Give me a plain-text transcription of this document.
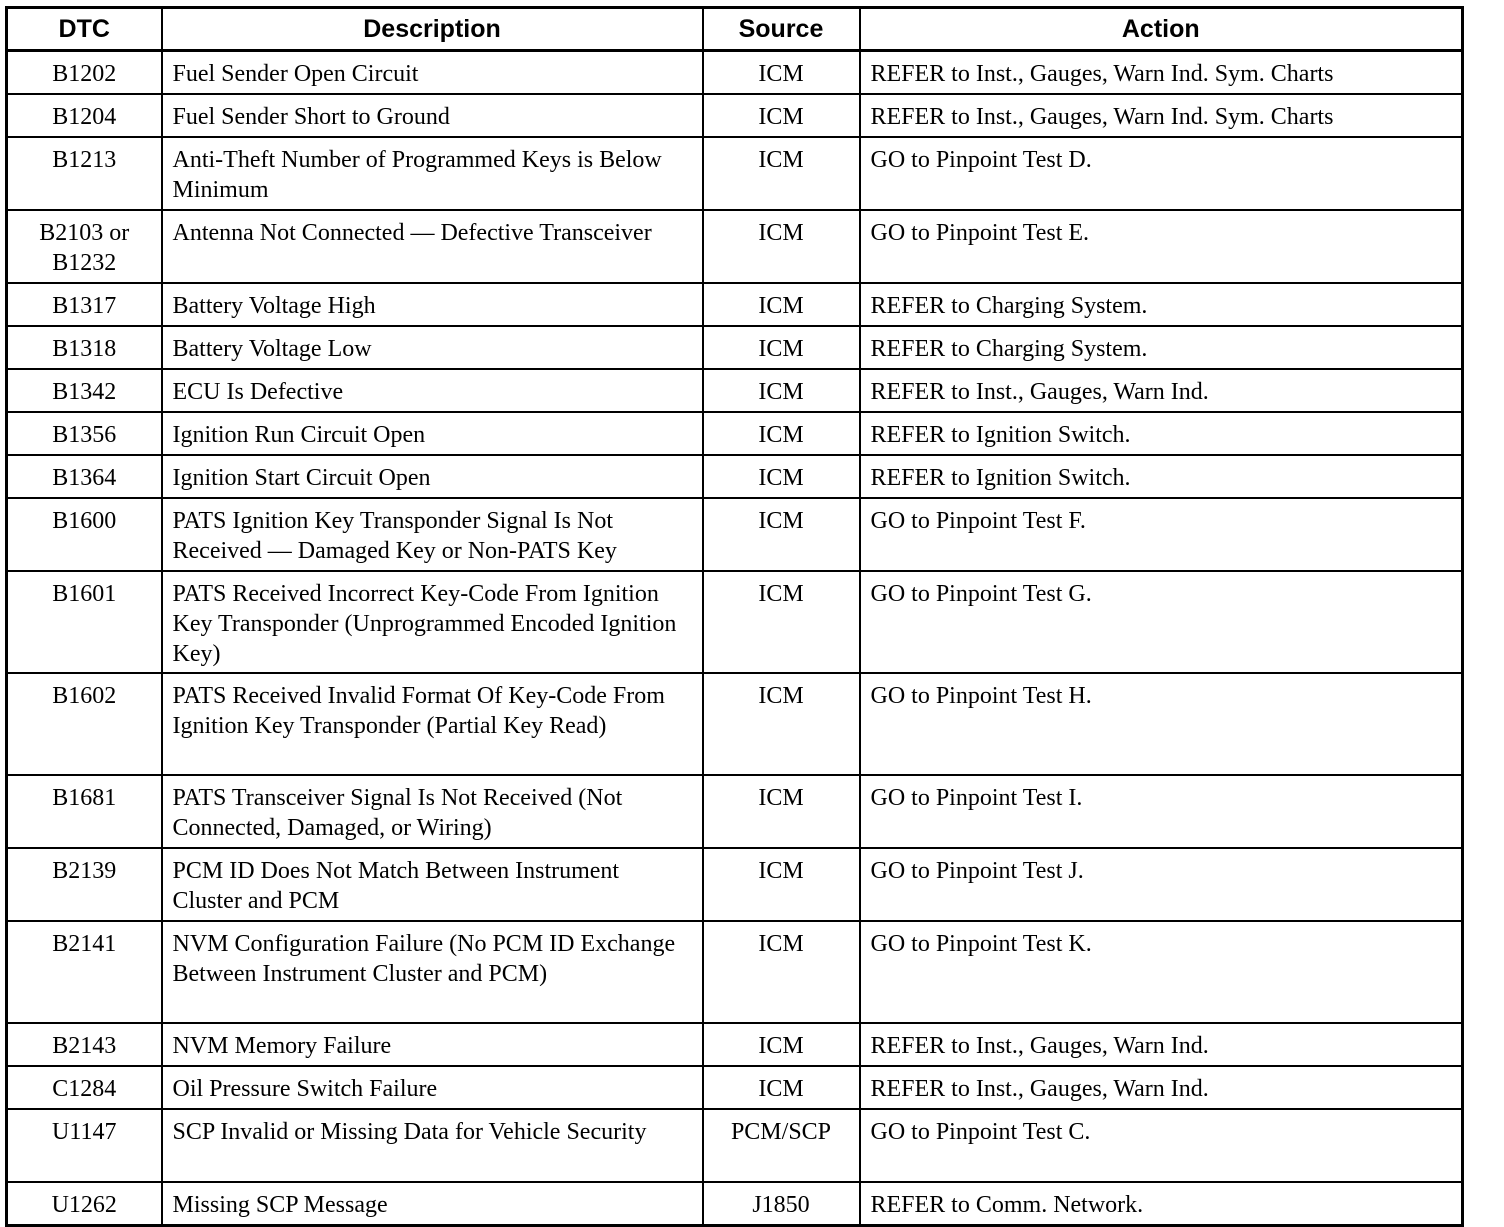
DTC	Description	Source	Action
B1202	Fuel Sender Open Circuit	ICM	REFER to Inst., Gauges, Warn Ind. Sym. Charts
B1204	Fuel Sender Short to Ground	ICM	REFER to Inst., Gauges, Warn Ind. Sym. Charts
B1213	Anti-Theft Number of Programmed Keys is Below Minimum	ICM	GO to Pinpoint Test D.
B2103 or B1232	Antenna Not Connected — Defective Transceiver	ICM	GO to Pinpoint Test E.
B1317	Battery Voltage High	ICM	REFER to Charging System.
B1318	Battery Voltage Low	ICM	REFER to Charging System.
B1342	ECU Is Defective	ICM	REFER to Inst., Gauges, Warn Ind.
B1356	Ignition Run Circuit Open	ICM	REFER to Ignition Switch.
B1364	Ignition Start Circuit Open	ICM	REFER to Ignition Switch.
B1600	PATS Ignition Key Transponder Signal Is Not Received — Damaged Key or Non-PATS Key	ICM	GO to Pinpoint Test F.
B1601	PATS Received Incorrect Key-Code From Ignition Key Transponder (Unprogrammed Encoded Ignition Key)	ICM	GO to Pinpoint Test G.
B1602	PATS Received Invalid Format Of Key-Code From Ignition Key Transponder (Partial Key Read)	ICM	GO to Pinpoint Test H.
B1681	PATS Transceiver Signal Is Not Received (Not Connected, Damaged, or Wiring)	ICM	GO to Pinpoint Test I.
B2139	PCM ID Does Not Match Between Instrument Cluster and PCM	ICM	GO to Pinpoint Test J.
B2141	NVM Configuration Failure (No PCM ID Exchange Between Instrument Cluster and PCM)	ICM	GO to Pinpoint Test K.
B2143	NVM Memory Failure	ICM	REFER to Inst., Gauges, Warn Ind.
C1284	Oil Pressure Switch Failure	ICM	REFER to Inst., Gauges, Warn Ind.
U1147	SCP Invalid or Missing Data for Vehicle Security	PCM/SCP	GO to Pinpoint Test C.
U1262	Missing SCP Message	J1850	REFER to Comm. Network.
